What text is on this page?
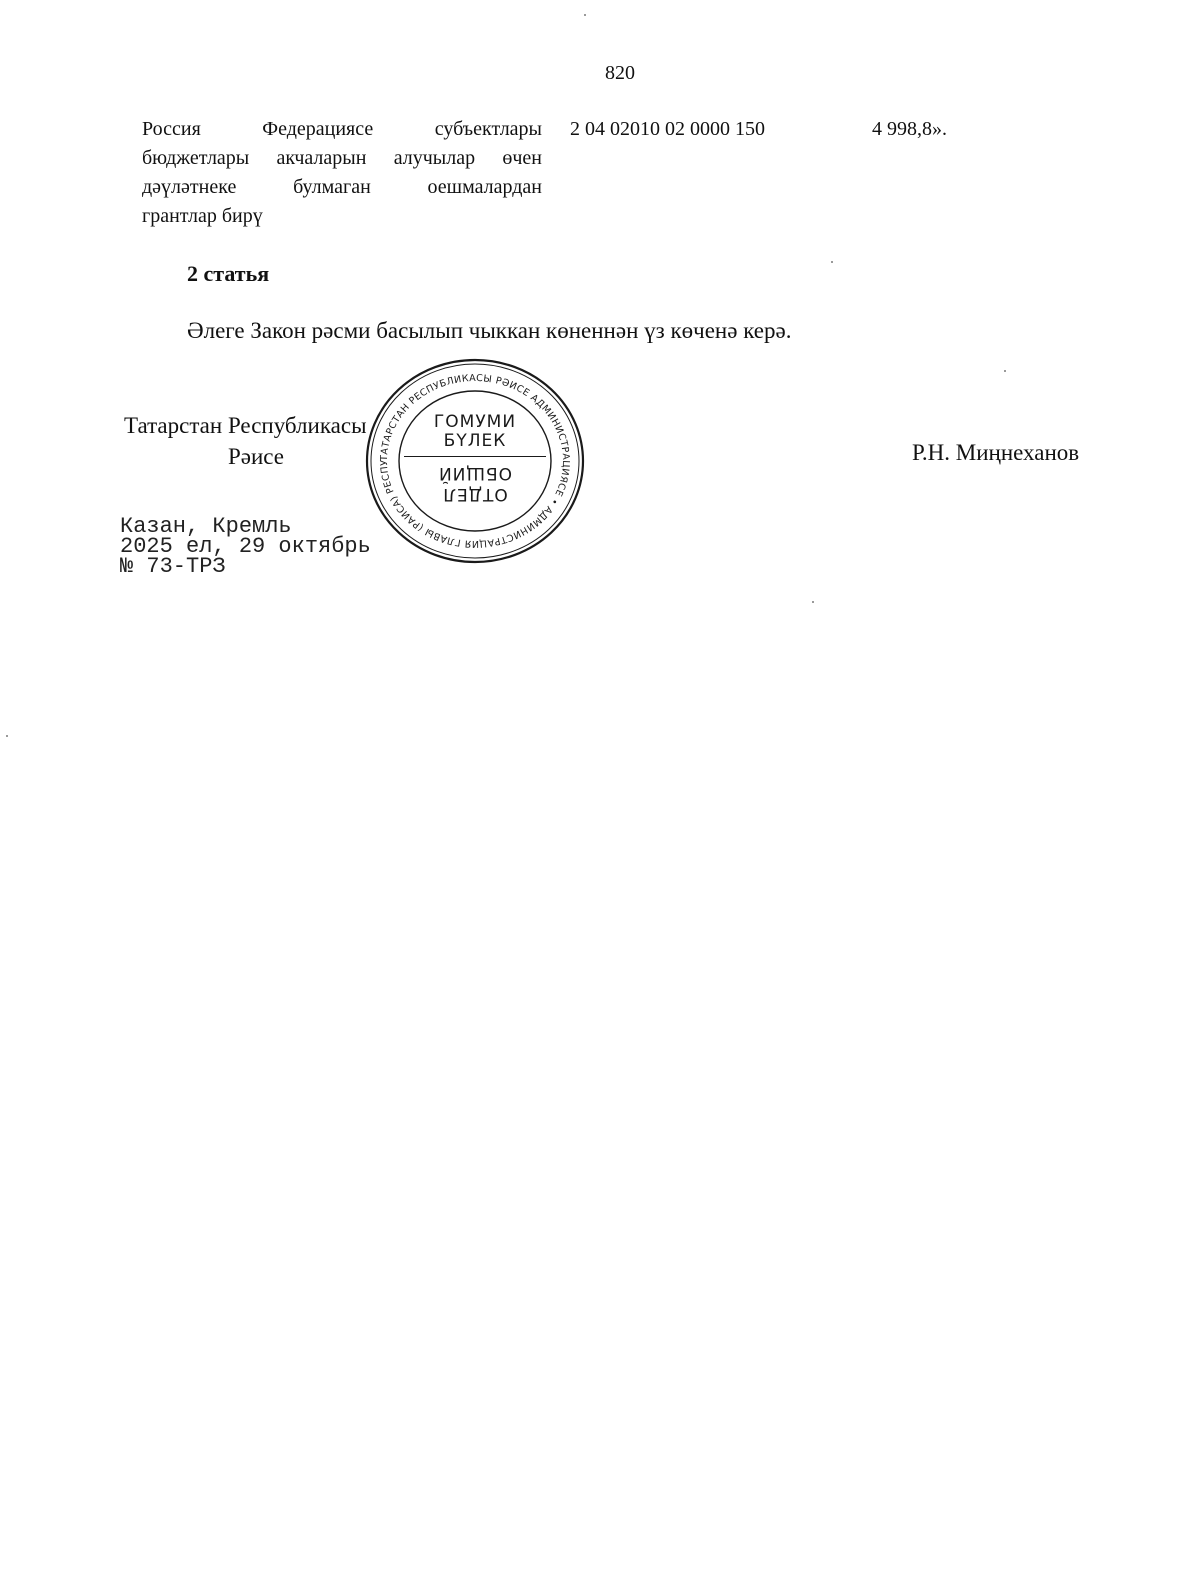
820
Россия Федерациясе субъектлары
бюджетлары акчаларын алучылар өчен
дәүләтнеке булмаган оешмалардан
грантлар бирү
2 04 02010 02 0000 150	4 998,8».
2 статья
Әлеге Закон рәсми басылып чыккан көненнән үз көченә керә.
Татарстан Республикасы
Рәисе	Р.Н. Миңнеханов
Казан, Кремль
2025 ел, 29 октябрь
№ 73-ТРЗ
ТАТАРСТАН РЕСПУБЛИКАСЫ РӘИСЕ АДМИНИСТРАЦИЯСЕ • АДМИНИСТРАЦИЯ ГЛАВЫ (РАИСА) РЕСПУ
ГОМУМИ
БҮЛЕК
ОТДЕЛ
ОБЩИЙ
